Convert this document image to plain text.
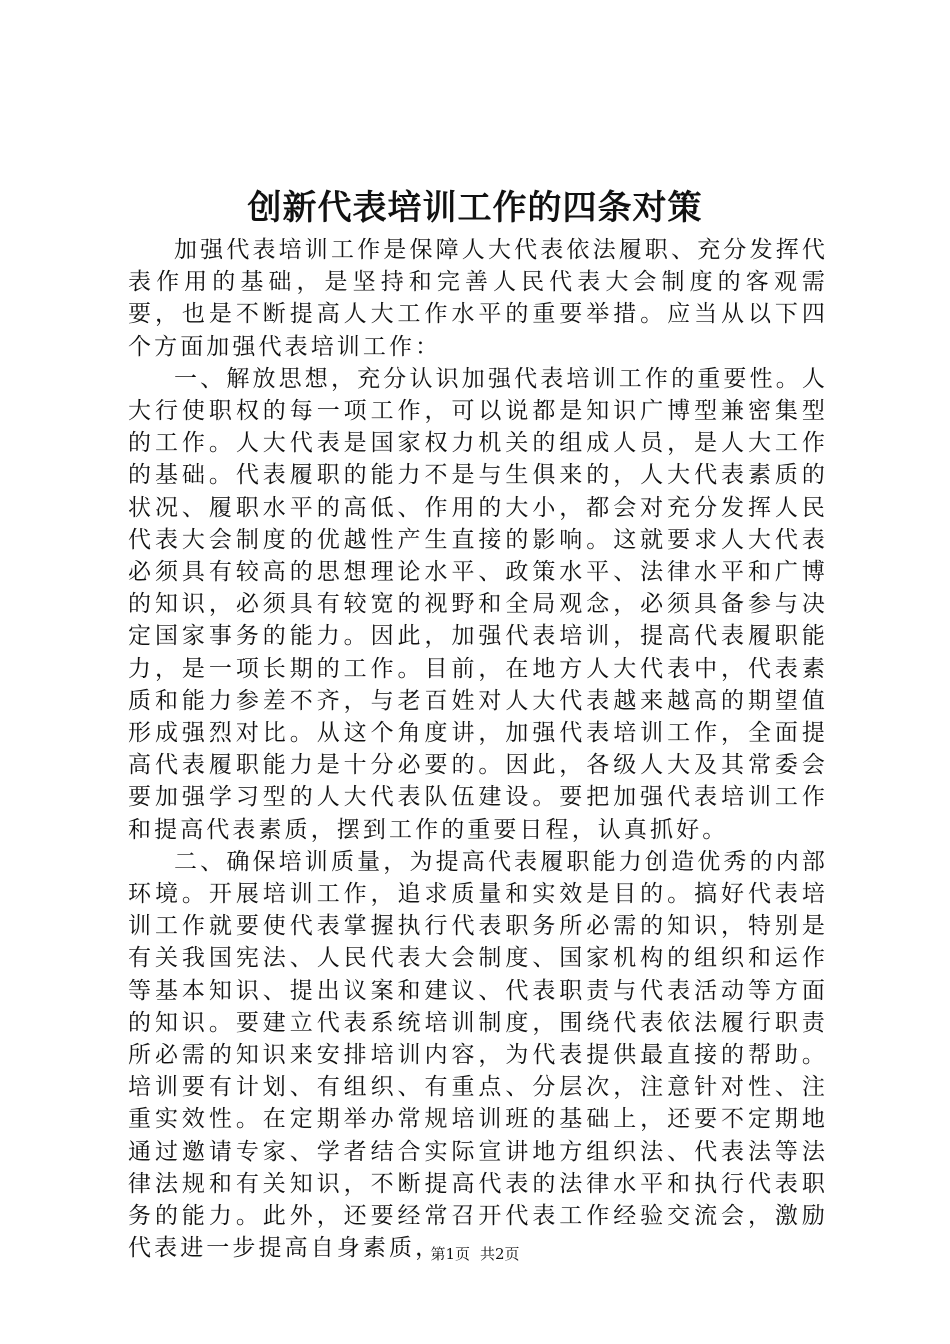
创新代表培训工作的四条对策

加强代表培训工作是保障人大代表依法履职、充分发挥代表作用的基础，是坚持和完善人民代表大会制度的客观需要，也是不断提高人大工作水平的重要举措。应当从以下四个方面加强代表培训工作：

一、解放思想，充分认识加强代表培训工作的重要性。人大行使职权的每一项工作，可以说都是知识广博型兼密集型的工作。人大代表是国家权力机关的组成人员，是人大工作的基础。代表履职的能力不是与生俱来的，人大代表素质的状况、履职水平的高低、作用的大小，都会对充分发挥人民代表大会制度的优越性产生直接的影响。这就要求人大代表必须具有较高的思想理论水平、政策水平、法律水平和广博的知识，必须具有较宽的视野和全局观念，必须具备参与决定国家事务的能力。因此，加强代表培训，提高代表履职能力，是一项长期的工作。目前，在地方人大代表中，代表素质和能力参差不齐，与老百姓对人大代表越来越高的期望值形成强烈对比。从这个角度讲，加强代表培训工作，全面提高代表履职能力是十分必要的。因此，各级人大及其常委会要加强学习型的人大代表队伍建设。要把加强代表培训工作和提高代表素质，摆到工作的重要日程，认真抓好。

二、确保培训质量，为提高代表履职能力创造优秀的内部环境。开展培训工作，追求质量和实效是目的。搞好代表培训工作就要使代表掌握执行代表职务所必需的知识，特别是有关我国宪法、人民代表大会制度、国家机构的组织和运作等基本知识、提出议案和建议、代表职责与代表活动等方面的知识。要建立代表系统培训制度，围绕代表依法履行职责所必需的知识来安排培训内容，为代表提供最直接的帮助。培训要有计划、有组织、有重点、分层次，注意针对性、注重实效性。在定期举办常规培训班的基础上，还要不定期地通过邀请专家、学者结合实际宣讲地方组织法、代表法等法律法规和有关知识，不断提高代表的法律水平和执行代表职务的能力。此外，还要经常召开代表工作经验交流会，激励代表进一步提高自身素质，

第1页 共2页
